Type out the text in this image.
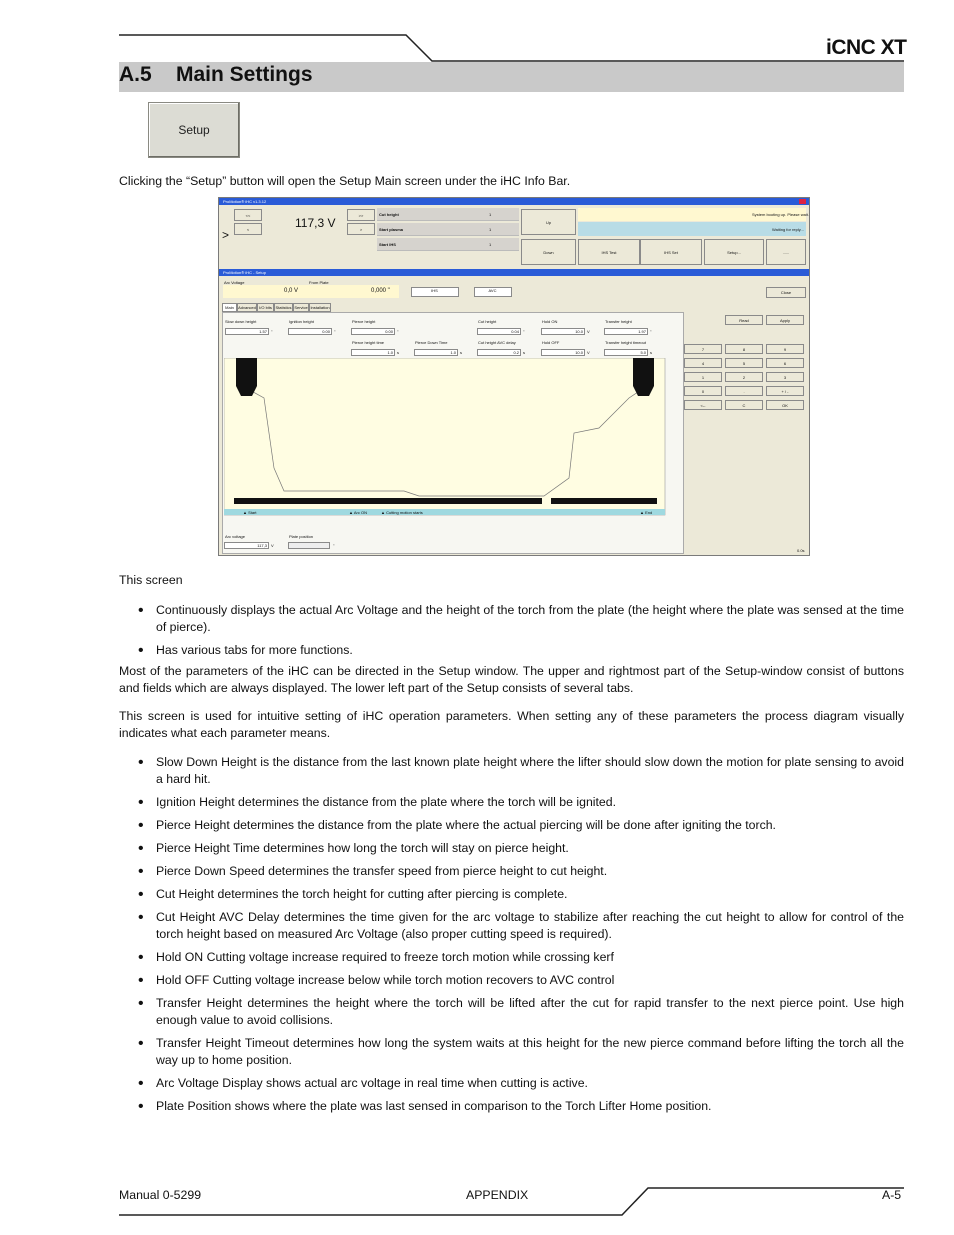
iCNC XT
A.5 Main Settings
Setup

Clicking the “Setup” button will open the Setup Main screen under the iHC Info Bar.

ProMotion® iHC v1.3.12
>
<<
<	117,3 V
>>
>
Cut height	1
Start plasma	1
Start IHS	1
Up
Down	IHS Test	IHS Set	Setup...	......
System booting up. Please wait.
Waiting for reply...
ProMotion® iHC - Setup
Arc Voltage	From Plate
0,0 V	0,000 "	IHS	AVC	Close
Main	Advanced I/O bits Statistics Service Installation
Slow down height
1.57	"
Ignition height
0.00	"
Pierce height
0.00	"
Cut height
0.04	"
Hold ON
10.0	V
Transfer height
1.97	"
Pierce height time
1.0	s
Pierce Down Time
1.0	s
Cut height AVC delay
0.2	s
Hold OFF
10.0	V
Transfer height timeout
5.0	s
▲ Start	▲ Arc ON	▲ Cutting motion starts	▲ End
Arc voltage
117,3	V
Plate position
"
Read	Apply
7	8	9
4	5	6
1	2	3
0	.	+ / -
<--	C	OK
0.0s

This screen

• Continuously displays the actual Arc Voltage and the height of the torch from the plate (the height where the plate was sensed at the time of pierce).

• Has various tabs for more functions.

Most of the parameters of the iHC can be directed in the Setup window. The upper and rightmost part of the Setup-window consist of buttons and fields which are always displayed. The lower left part of the Setup consists of several tabs.

This screen is used for intuitive setting of iHC operation parameters. When setting any of these parameters the process diagram visually indicates what each parameter means.

• Slow Down Height is the distance from the last known plate height where the lifter should slow down the motion for plate sensing to avoid a hard hit.

• Ignition Height determines the distance from the plate where the torch will be ignited.

• Pierce Height determines the distance from the plate where the actual piercing will be done after igniting the torch.

• Pierce Height Time determines how long the torch will stay on pierce height.

• Pierce Down Speed determines the transfer speed from pierce height to cut height.

• Cut Height determines the torch height for cutting after piercing is complete.

• Cut Height AVC Delay determines the time given for the arc voltage to stabilize after reaching the cut height to allow for control of the torch height based on measured Arc Voltage (also proper cutting speed is required).

• Hold ON Cutting voltage increase required to freeze torch motion while crossing kerf

• Hold OFF Cutting voltage increase below while torch motion recovers to AVC control

• Transfer Height determines the height where the torch will be lifted after the cut for rapid transfer to the next pierce point. Use high enough value to avoid collisions.

• Transfer Height Timeout determines how long the system waits at this height for the new pierce command before lifting the torch all the way up to home position.

• Arc Voltage Display shows actual arc voltage in real time when cutting is active.

• Plate Position shows where the plate was last sensed in comparison to the Torch Lifter Home position.

Manual 0-5299	APPENDIX	A-5
